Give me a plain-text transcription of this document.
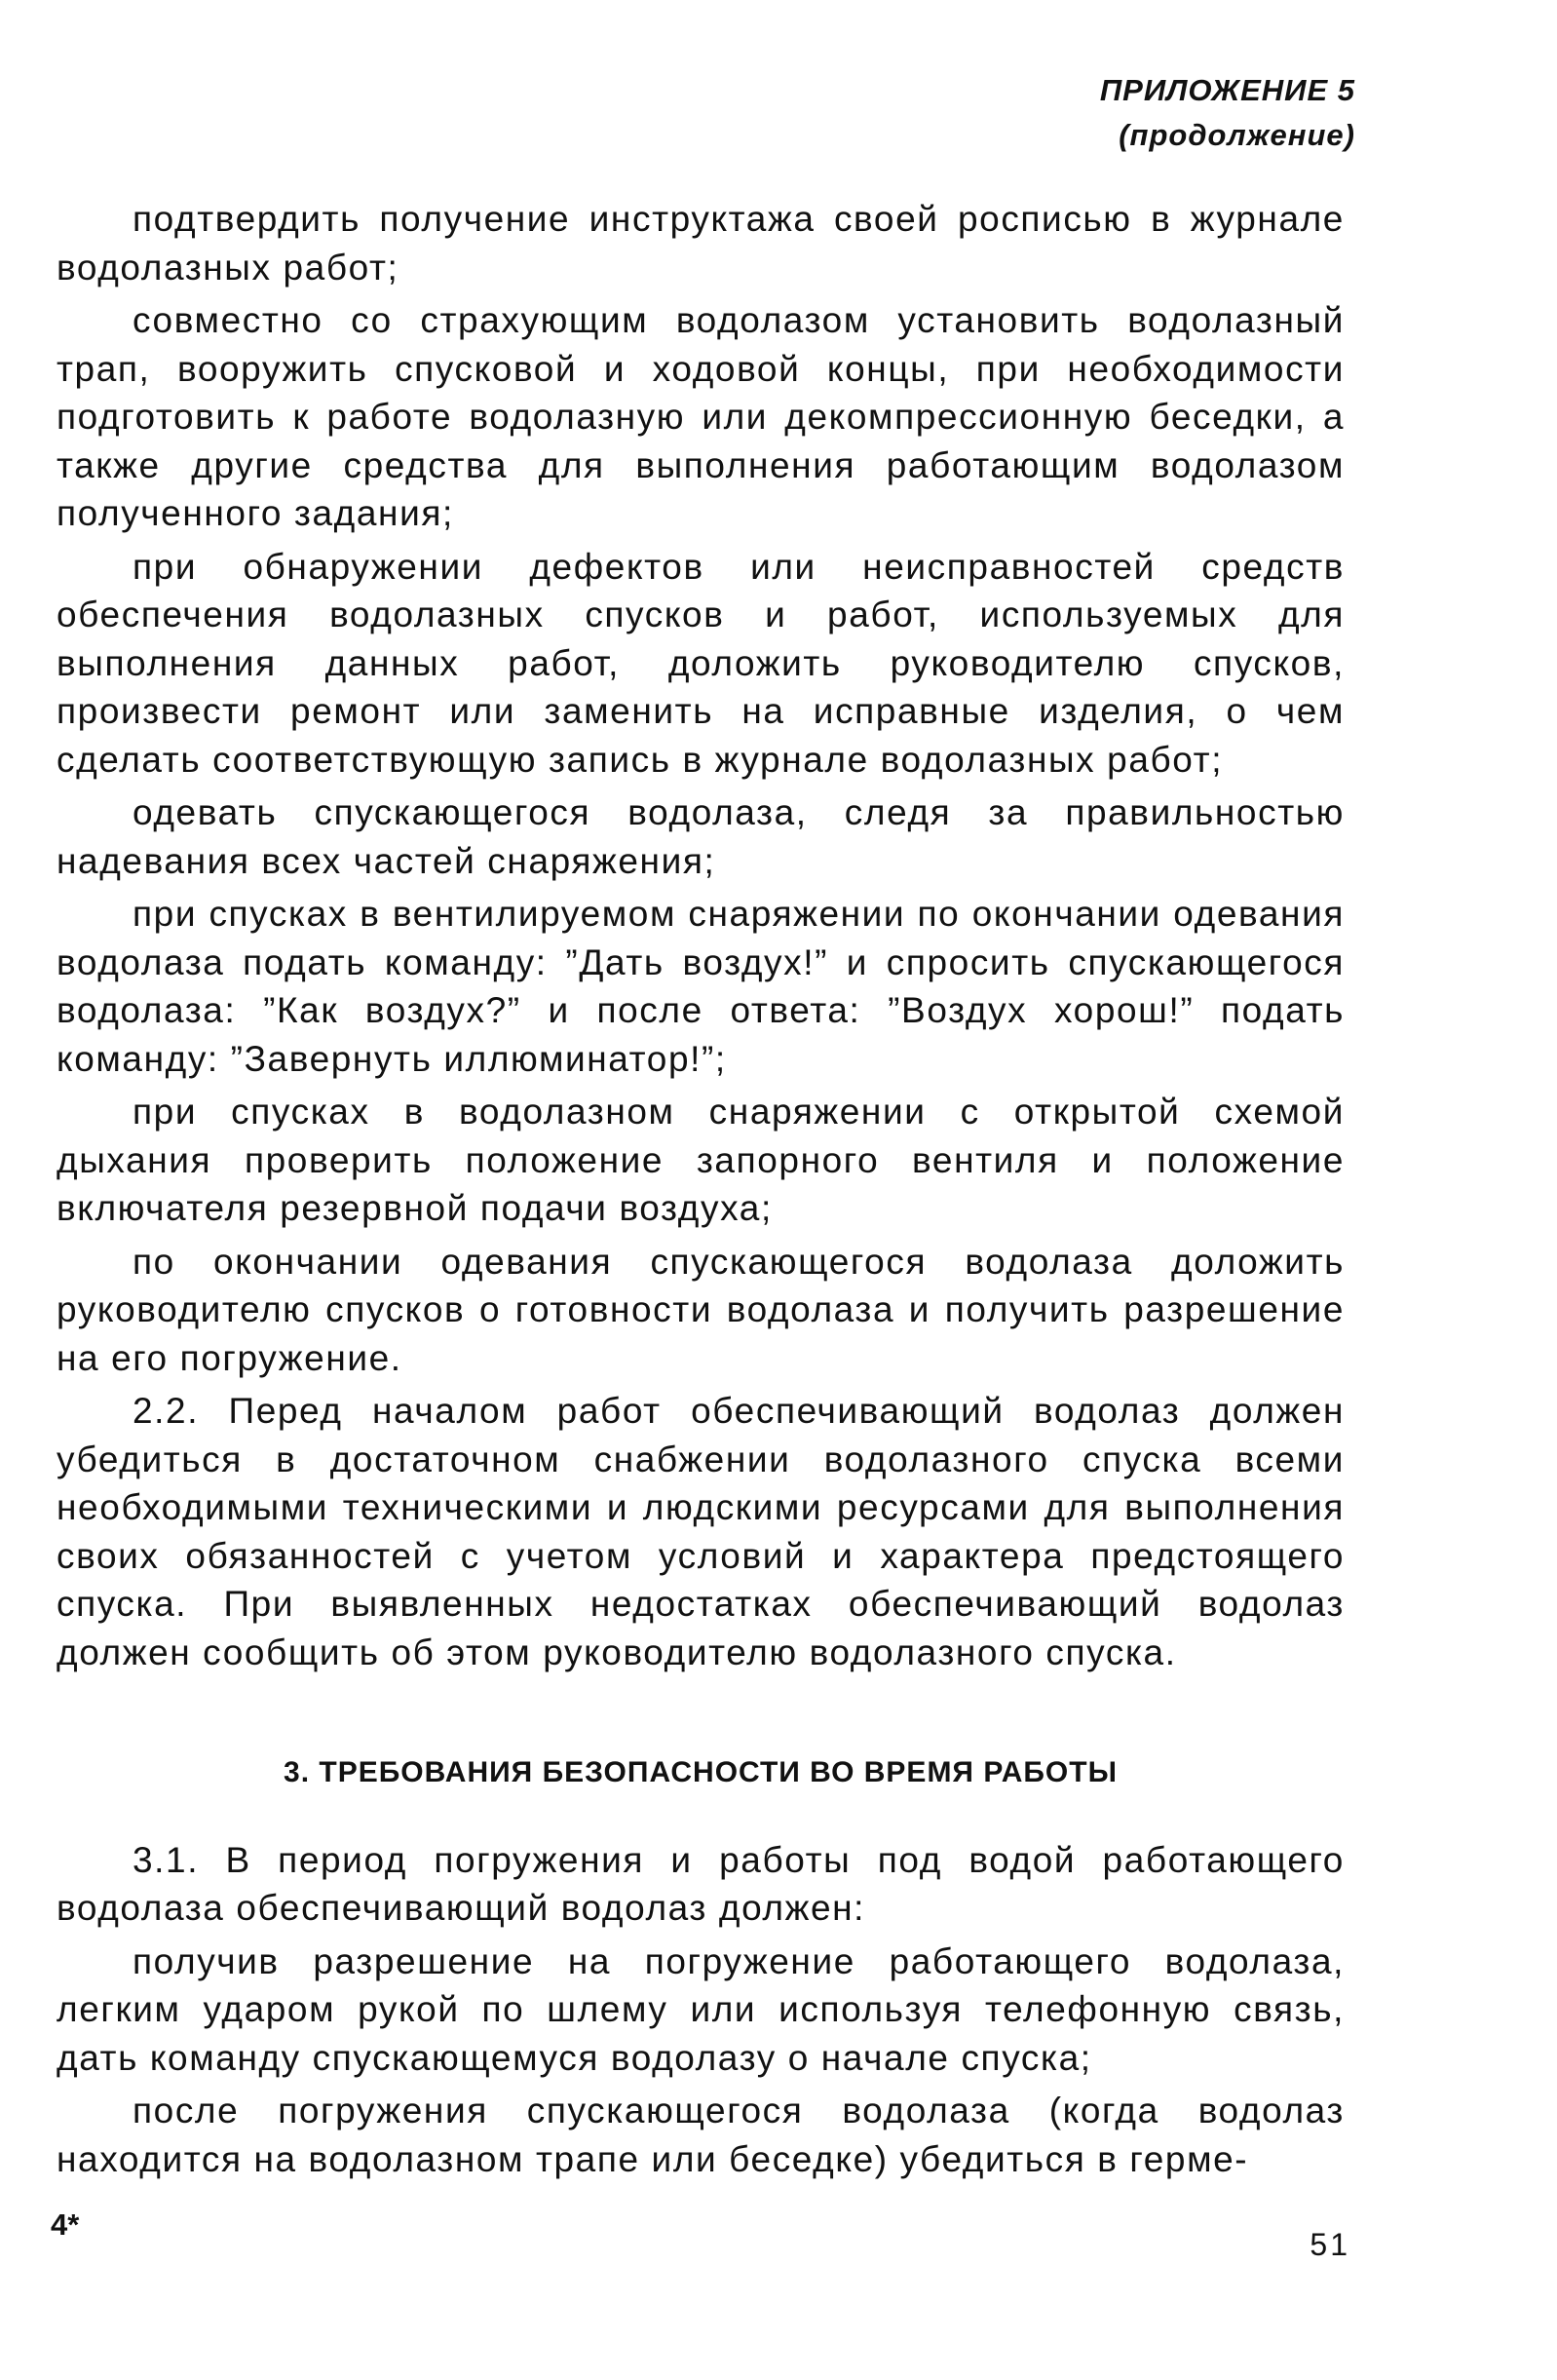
ПРИЛОЖЕНИЕ 5
(продолжение)

подтвердить получение инструктажа своей росписью в журнале водолазных работ;

совместно со страхующим водолазом установить водолазный трап, вооружить спусковой и ходовой концы, при необходимости подготовить к работе водолазную или декомпрессионную беседки, а также другие средства для выполнения работающим водолазом полученного задания;

при обнаружении дефектов или неисправностей средств обеспечения водолазных спусков и работ, используемых для выполнения данных работ, доложить руководителю спусков, произвести ремонт или заменить на исправные изделия, о чем сделать соответствующую запись в журнале водолазных работ;

одевать спускающегося водолаза, следя за правильностью надевания всех частей снаряжения;

при спусках в вентилируемом снаряжении по окончании одевания водолаза подать команду: ”Дать воздух!” и спросить спускающегося водолаза: ”Как воздух?” и после ответа: ”Воздух хорош!” подать команду: ”Завернуть иллюминатор!”;

при спусках в водолазном снаряжении с открытой схемой дыхания проверить положение запорного вентиля и положение включателя резервной подачи воздуха;

по окончании одевания спускающегося водолаза доложить руководителю спусков о готовности водолаза и получить разрешение на его погружение.

2.2. Перед началом работ обеспечивающий водолаз должен убедиться в достаточном снабжении водолазного спуска всеми необходимыми техническими и людскими ресурсами для выполнения своих обязанностей с учетом условий и характера предстоящего спуска. При выявленных недостатках обеспечивающий водолаз должен сообщить об этом руководителю водолазного спуска.

3. ТРЕБОВАНИЯ БЕЗОПАСНОСТИ ВО ВРЕМЯ РАБОТЫ

3.1. В период погружения и работы под водой работающего водолаза обеспечивающий водолаз должен:

получив разрешение на погружение работающего водолаза, легким ударом рукой по шлему или используя телефонную связь, дать команду спускающемуся водолазу о начале спуска;

после погружения спускающегося водолаза (когда водолаз находится на водолазном трапе или беседке) убедиться в герме-

4*
51
